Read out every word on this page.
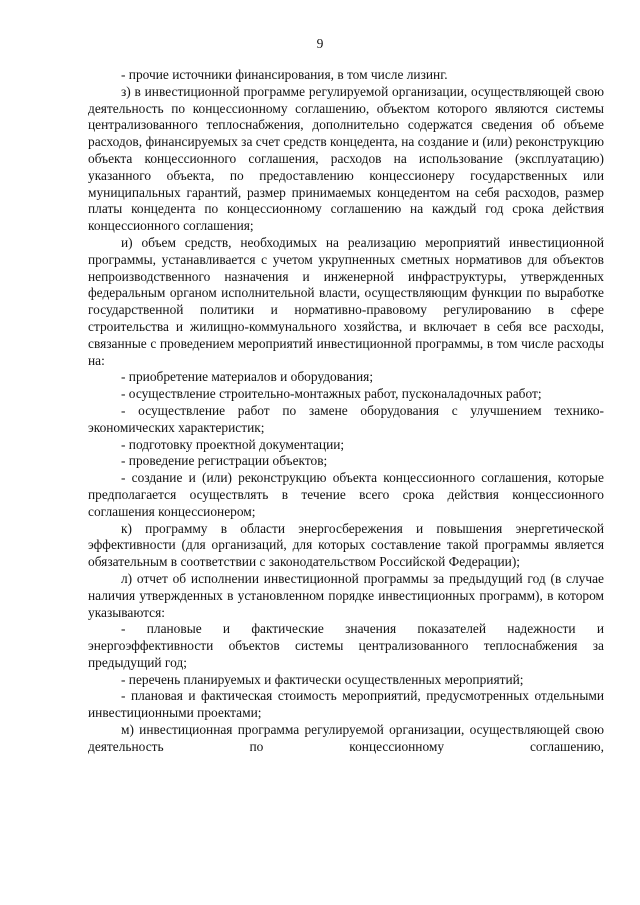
9

- прочие источники финансирования, в том числе лизинг.

з) в инвестиционной программе регулируемой организации, осуществляющей свою деятельность по концессионному соглашению, объектом которого являются системы централизованного теплоснабжения, дополнительно содержатся сведения об объеме расходов, финансируемых за счет средств концедента, на создание и (или) реконструкцию объекта концессионного соглашения, расходов на использование (эксплуатацию) указанного объекта, по предоставлению концессионеру государственных или муниципальных гарантий, размер принимаемых концедентом на себя расходов, размер платы концедента по концессионному соглашению на каждый год срока действия концессионного соглашения;

и) объем средств, необходимых на реализацию мероприятий инвестиционной программы, устанавливается с учетом укрупненных сметных нормативов для объектов непроизводственного назначения и инженерной инфраструктуры, утвержденных федеральным органом исполнительной власти, осуществляющим функции по выработке государственной политики и нормативно-правовому регулированию в сфере строительства и жилищно-коммунального хозяйства, и включает в себя все расходы, связанные с проведением мероприятий инвестиционной программы, в том числе расходы на:

- приобретение материалов и оборудования;

- осуществление строительно-монтажных работ, пусконаладочных работ;

- осуществление работ по замене оборудования с улучшением технико-экономических характеристик;

- подготовку проектной документации;

- проведение регистрации объектов;

- создание и (или) реконструкцию объекта концессионного соглашения, которые предполагается осуществлять в течение всего срока действия концессионного соглашения концессионером;

к) программу в области энергосбережения и повышения энергетической эффективности (для организаций, для которых составление такой программы является обязательным в соответствии с законодательством Российской Федерации);

л) отчет об исполнении инвестиционной программы за предыдущий год (в случае наличия утвержденных в установленном порядке инвестиционных программ), в котором указываются:

- плановые и фактические значения показателей надежности и энергоэффективности объектов системы централизованного теплоснабжения за предыдущий год;

- перечень планируемых и фактически осуществленных мероприятий;

- плановая и фактическая стоимость мероприятий, предусмотренных отдельными инвестиционными проектами;

м) инвестиционная программа регулируемой организации, осуществляющей свою деятельность по концессионному соглашению,
